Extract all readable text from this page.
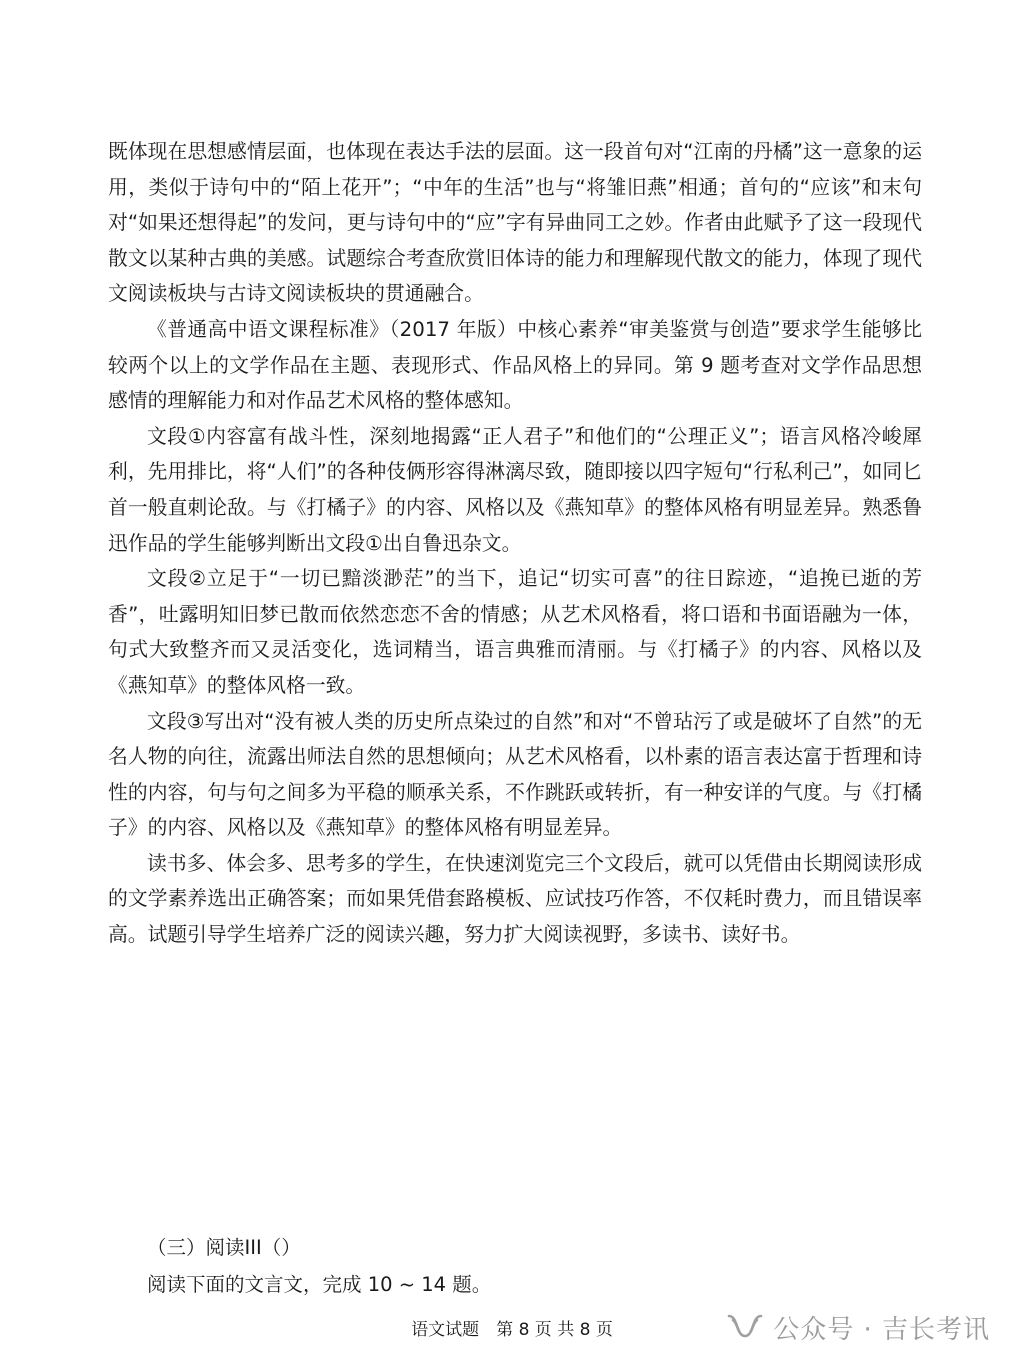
既体现在思想感情层面，也体现在表达手法的层面。这一段首句对“江南的丹橘”这一意象的运用，类似于诗句中的“陌上花开”；“中年的生活”也与“将雏旧燕”相通；首句的“应该”和末句对“如果还想得起”的发问，更与诗句中的“应”字有异曲同工之妙。作者由此赋予了这一段现代散文以某种古典的美感。试题综合考查欣赏旧体诗的能力和理解现代散文的能力，体现了现代文阅读板块与古诗文阅读板块的贯通融合。

《普通高中语文课程标准》（2017 年版）中核心素养“审美鉴赏与创造”要求学生能够比较两个以上的文学作品在主题、表现形式、作品风格上的异同。第 9 题考查对文学作品思想感情的理解能力和对作品艺术风格的整体感知。

文段①内容富有战斗性，深刻地揭露“正人君子”和他们的“公理正义”；语言风格冷峻犀利，先用排比，将“人们”的各种伎俩形容得淋漓尽致，随即接以四字短句“行私利己”，如同匕首一般直刺论敌。与《打橘子》的内容、风格以及《燕知草》的整体风格有明显差异。熟悉鲁迅作品的学生能够判断出文段①出自鲁迅杂文。

文段②立足于“一切已黯淡渺茫”的当下，追记“切实可喜”的往日踪迹，“追挽已逝的芳香”，吐露明知旧梦已散而依然恋恋不舍的情感；从艺术风格看，将口语和书面语融为一体，句式大致整齐而又灵活变化，选词精当，语言典雅而清丽。与《打橘子》的内容、风格以及《燕知草》的整体风格一致。

文段③写出对“没有被人类的历史所点染过的自然”和对“不曾玷污了或是破坏了自然”的无名人物的向往，流露出师法自然的思想倾向；从艺术风格看，以朴素的语言表达富于哲理和诗性的内容，句与句之间多为平稳的顺承关系，不作跳跃或转折，有一种安详的气度。与《打橘子》的内容、风格以及《燕知草》的整体风格有明显差异。

读书多、体会多、思考多的学生，在快速浏览完三个文段后，就可以凭借由长期阅读形成的文学素养选出正确答案；而如果凭借套路模板、应试技巧作答，不仅耗时费力，而且错误率高。试题引导学生培养广泛的阅读兴趣，努力扩大阅读视野，多读书、读好书。

（三）阅读III（）

阅读下面的文言文，完成 10 ~ 14 题。

语文试题　第 8 页 共 8 页	公众号 · 吉长考讯
